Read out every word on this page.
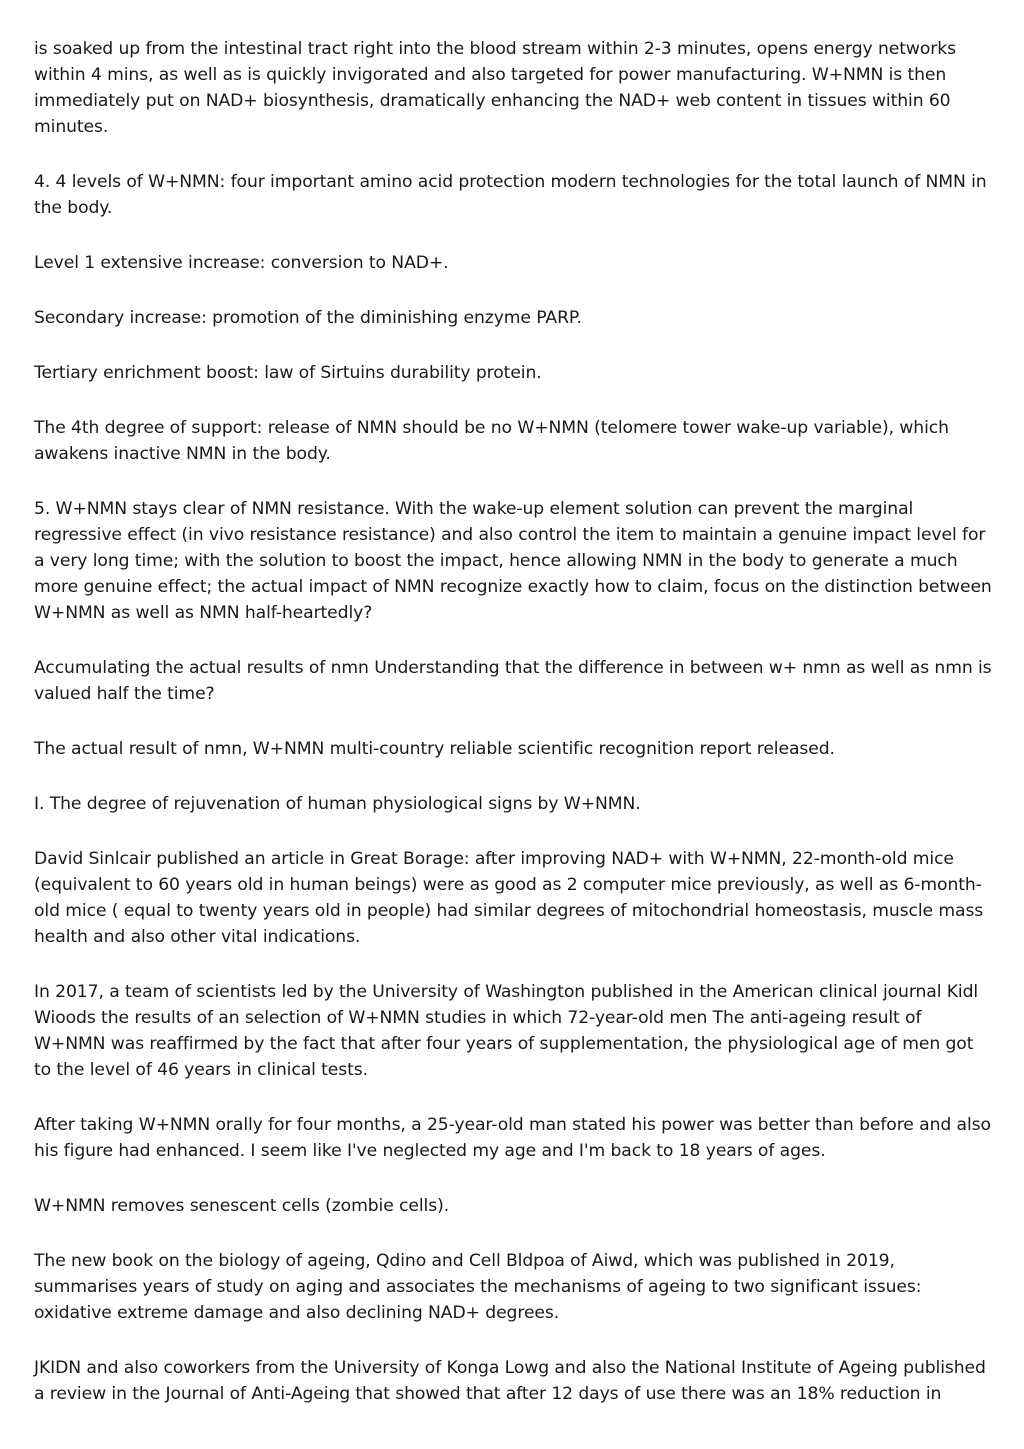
is soaked up from the intestinal tract right into the blood stream within 2-3 minutes, opens energy networks within 4 mins, as well as is quickly invigorated and also targeted for power manufacturing. W+NMN is then immediately put on NAD+ biosynthesis, dramatically enhancing the NAD+ web content in tissues within 60 minutes.

4. 4 levels of W+NMN: four important amino acid protection modern technologies for the total launch of NMN in the body.

Level 1 extensive increase: conversion to NAD+.

Secondary increase: promotion of the diminishing enzyme PARP.

Tertiary enrichment boost: law of Sirtuins durability protein.

The 4th degree of support: release of NMN should be no W+NMN (telomere tower wake-up variable), which awakens inactive NMN in the body.

5. W+NMN stays clear of NMN resistance. With the wake-up element solution can prevent the marginal regressive effect (in vivo resistance resistance) and also control the item to maintain a genuine impact level for a very long time; with the solution to boost the impact, hence allowing NMN in the body to generate a much more genuine effect; the actual impact of NMN recognize exactly how to claim, focus on the distinction between W+NMN as well as NMN half-heartedly?

Accumulating the actual results of nmn Understanding that the difference in between w+ nmn as well as nmn is valued half the time?

The actual result of nmn, W+NMN multi-country reliable scientific recognition report released.

I. The degree of rejuvenation of human physiological signs by W+NMN.

David Sinlcair published an article in Great Borage: after improving NAD+ with W+NMN, 22-month-old mice (equivalent to 60 years old in human beings) were as good as 2 computer mice previously, as well as 6-month-old mice ( equal to twenty years old in people) had similar degrees of mitochondrial homeostasis, muscle mass health and also other vital indications.

In 2017, a team of scientists led by the University of Washington published in the American clinical journal Kidl Wioods the results of an selection of W+NMN studies in which 72-year-old men The anti-ageing result of W+NMN was reaffirmed by the fact that after four years of supplementation, the physiological age of men got to the level of 46 years in clinical tests.

After taking W+NMN orally for four months, a 25-year-old man stated his power was better than before and also his figure had enhanced. I seem like I've neglected my age and I'm back to 18 years of ages.

W+NMN removes senescent cells (zombie cells).

The new book on the biology of ageing, Qdino and Cell Bldpoa of Aiwd, which was published in 2019, summarises years of study on aging and associates the mechanisms of ageing to two significant issues: oxidative extreme damage and also declining NAD+ degrees.

JKIDN and also coworkers from the University of Konga Lowg and also the National Institute of Ageing published a review in the Journal of Anti-Ageing that showed that after 12 days of use there was an 18% reduction in
